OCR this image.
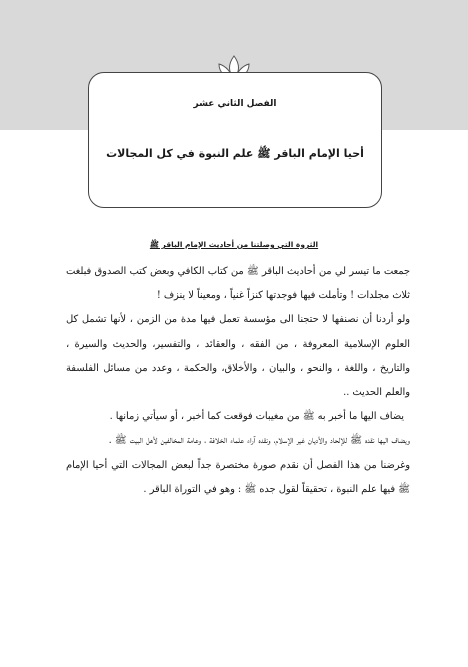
الفصل الثاني عشر
أحيا الإمام الباقر ﷺ علم النبوة في كل المجالات
الثروة التي وصلتنا من أحاديث الإمام الباقر ﷺ

جمعت ما تيسر لي من أحاديث الباقر ﷺ من كتاب الكافي وبعض كتب الصدوق فبلغت ثلاث مجلدات ! وتأملت فيها فوجدتها كنزاً غنياً ، ومعيناً لا ينزف !

ولو أردنا أن نصنفها لا حتجنا الى مؤسسة تعمل فيها مدة من الزمن ، لأنها تشمل كل العلوم الإسلامية المعروفة ، من الفقه ، والعقائد ، والتفسير، والحديث والسيرة ، والتاريخ ، واللغة ، والنحو ، والبيان ، والأخلاق، والحكمة ، وعدد من مسائل الفلسفة والعلم الحديث ..

يضاف اليها ما أخبر به ﷺ من مغيبات فوقعت كما أخبر ، أو سيأتي زمانها .

ويضاف اليها نقده ﷺ للإلحاد والأديان غير الإسلام، ونقده آراء علماء الخلافة ، وعامة المخالفين لأهل البيت ﷺ .

وغرضنا من هذا الفصل أن نقدم صورة مختصرة جداً لبعض المجالات التي أحيا الإمام ﷺ فيها علم النبوة ، تحقيقاً لقول جده ﷺ : وهو في التوراة الباقر .
